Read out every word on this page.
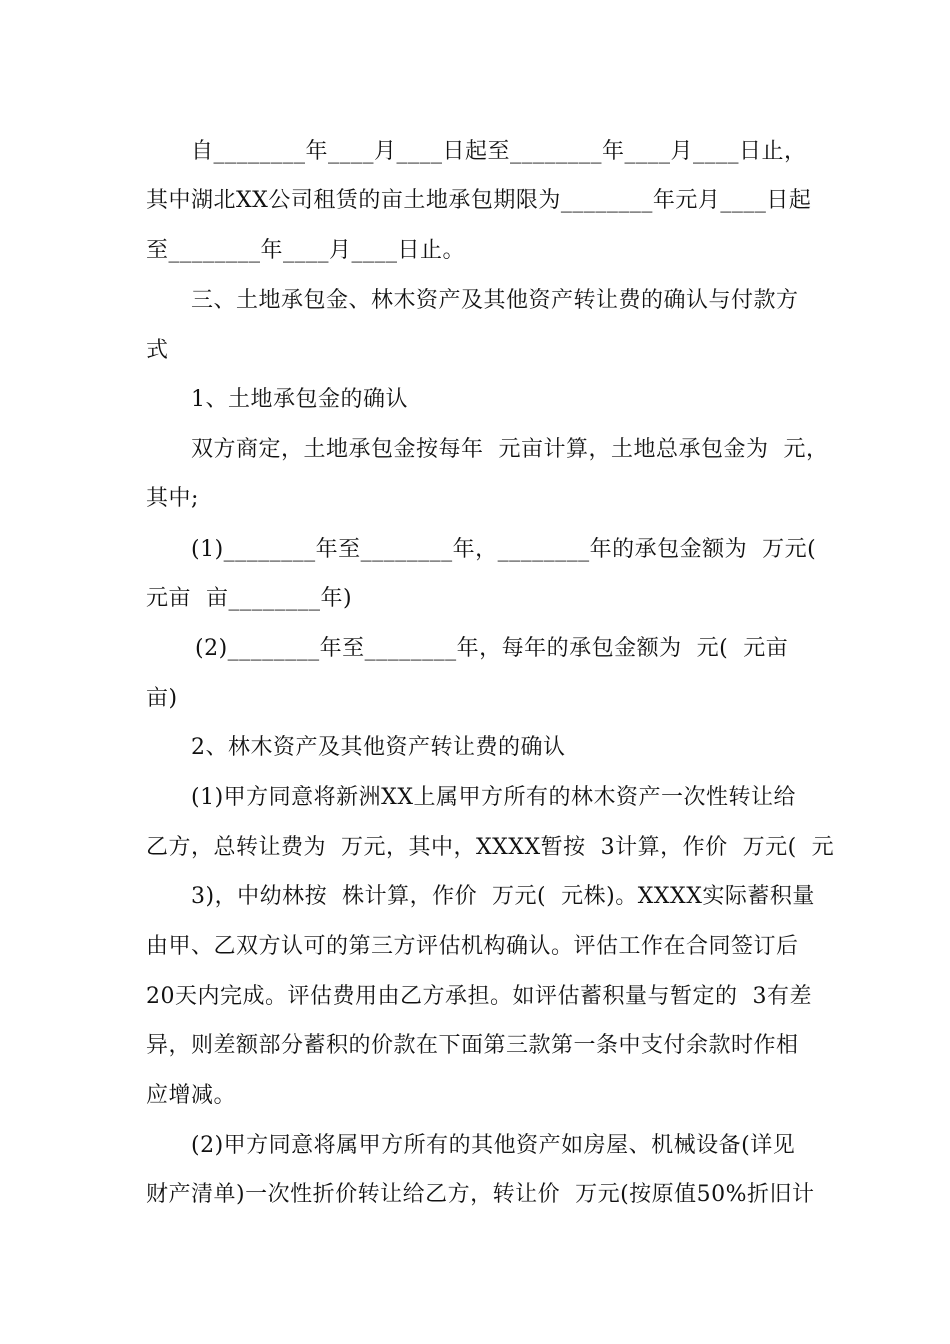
自________年____月____日起至________年____月____日止，
其中湖北XX公司租赁的亩土地承包期限为________年元月____日起
至________年____月____日止。
三、土地承包金、林木资产及其他资产转让费的确认与付款方
式
1、土地承包金的确认
双方商定，土地承包金按每年  元亩计算，土地总承包金为  元，
其中;
(1)________年至________年，________年的承包金额为  万元(
元亩  亩________年)
(2)________年至________年，每年的承包金额为  元(  元亩
亩)
2、林木资产及其他资产转让费的确认
(1)甲方同意将新洲XX上属甲方所有的林木资产一次性转让给
乙方，总转让费为  万元，其中，XXXX暂按  3计算，作价  万元(  元
3)，中幼林按  株计算，作价  万元(  元株)。XXXX实际蓄积量
由甲、乙双方认可的第三方评估机构确认。评估工作在合同签订后
20天内完成。评估费用由乙方承担。如评估蓄积量与暂定的  3有差
异，则差额部分蓄积的价款在下面第三款第一条中支付余款时作相
应增减。
(2)甲方同意将属甲方所有的其他资产如房屋、机械设备(详见
财产清单)一次性折价转让给乙方，转让价  万元(按原值50%折旧计
